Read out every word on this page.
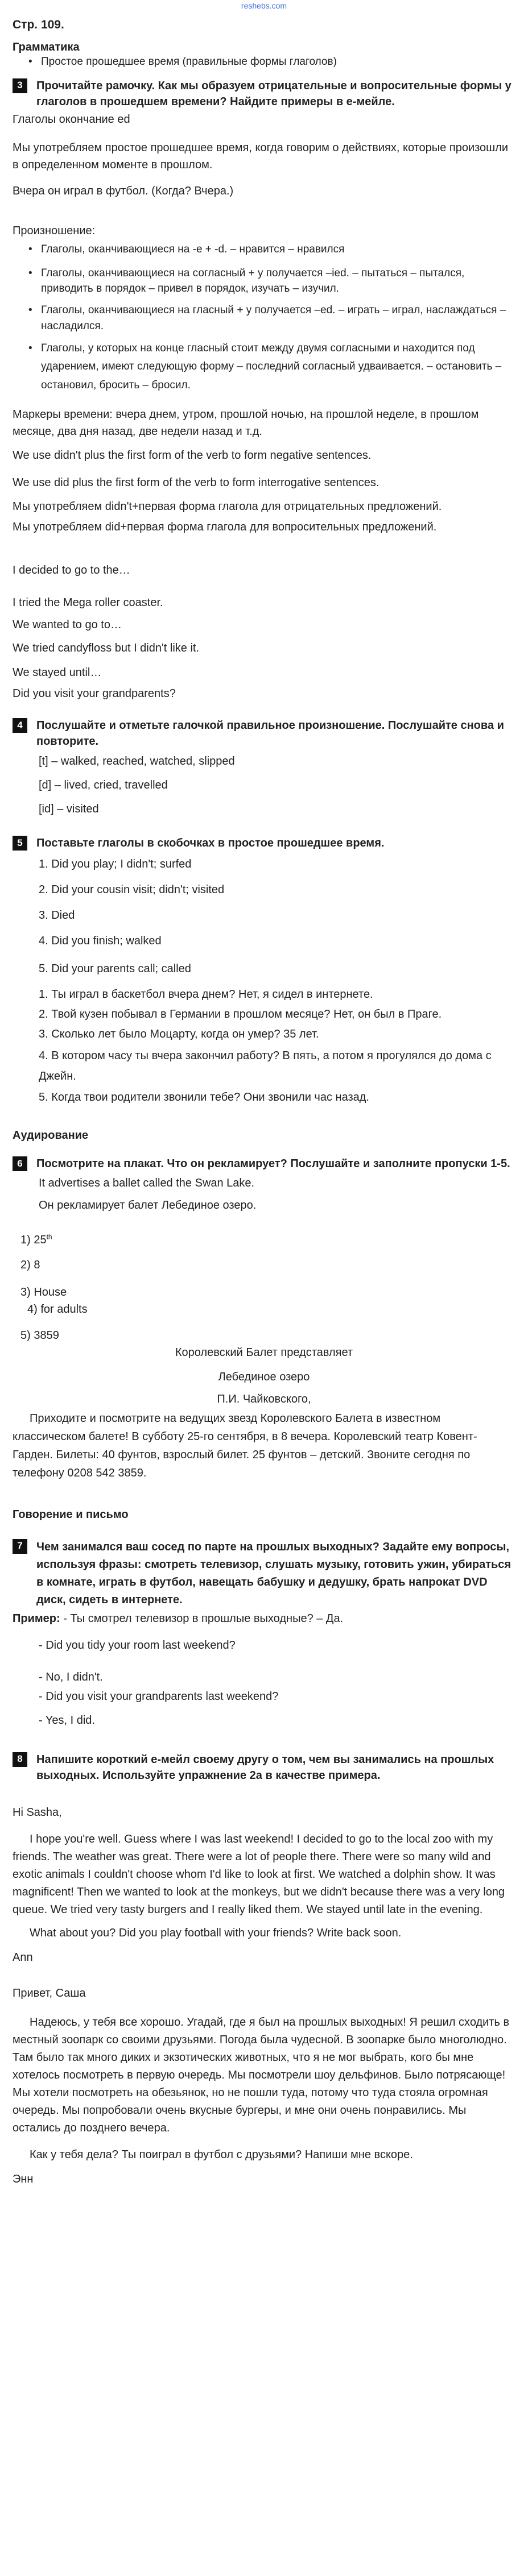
reshebs.com
Стр. 109.
Грамматика
• Простое прошедшее время (правильные формы глаголов)
3	Прочитайте рамочку. Как мы образуем отрицательные и вопросительные формы у глаголов в прошедшем времени? Найдите примеры в е-мейле.
Глаголы окончание ed
Мы употребляем простое прошедшее время, когда говорим о действиях, которые произошли в определенном моменте в прошлом.
Вчера он играл в футбол. (Когда? Вчера.)
Произношение:
• Глаголы, оканчивающиеся на -е + -d. – нравится – нравился
• Глаголы, оканчивающиеся на согласный + у получается –ied. – пытаться – пытался, приводить в порядок – привел в порядок, изучать – изучил.
• Глаголы, оканчивающиеся на гласный + у получается –ed. – играть – играл, наслаждаться – насладился.
• Глаголы, у которых на конце гласный стоит между двумя согласными и находится под ударением, имеют следующую форму – последний согласный удваивается. – остановить – остановил, бросить – бросил.
Маркеры времени: вчера днем, утром, прошлой ночью, на прошлой неделе, в прошлом месяце, два дня назад, две недели назад и т.д.
We use didn't plus the first form of the verb to form negative sentences.
We use did plus the first form of the verb to form interrogative sentences.
Мы употребляем didn't+первая форма глагола для отрицательных предложений.
Мы употребляем did+первая форма глагола для вопросительных предложений.
I decided to go to the…
I tried the Mega roller coaster.
We wanted to go to…
We tried candyfloss but I didn't like it.
We stayed until…
Did you visit your grandparents?
4	Послушайте и отметьте галочкой правильное произношение. Послушайте снова и повторите.
[t] – walked, reached, watched, slipped
[d] – lived, cried, travelled
[id] – visited
5	Поставьте глаголы в скобочках в простое прошедшее время.
1. Did you play; I didn't; surfed
2. Did your cousin visit; didn't; visited
3. Died
4. Did you finish; walked
5. Did your parents call; called
1. Ты играл в баскетбол вчера днем? Нет, я сидел в интернете.
2. Твой кузен побывал в Германии в прошлом месяце? Нет, он был в Праге.
3. Сколько лет было Моцарту, когда он умер? 35 лет.
4. В котором часу ты вчера закончил работу? В пять, а потом я прогулялся до дома с Джейн.
5. Когда твои родители звонили тебе? Они звонили час назад.
Аудирование
6	Посмотрите на плакат. Что он рекламирует? Послушайте и заполните пропуски 1-5.
It advertises a ballet called the Swan Lake.
Он рекламирует балет Лебединое озеро.
1) 25th
2) 8
3) House
4) for adults
5) 3859
Королевский Балет представляет
Лебединое озеро
П.И. Чайковского,
Приходите и посмотрите на ведущих звезд Королевского Балета в известном классическом балете! В субботу 25-го сентября, в 8 вечера. Королевский театр Ковент-Гарден. Билеты: 40 фунтов, взрослый билет. 25 фунтов – детский. Звоните сегодня по телефону 0208 542 3859.
Говорение и письмо
7	Чем занимался ваш сосед по парте на прошлых выходных? Задайте ему вопросы, используя фразы: смотреть телевизор, слушать музыку, готовить ужин, убираться в комнате, играть в футбол, навещать бабушку и дедушку, брать напрокат DVD диск, сидеть в интернете.
Пример: - Ты смотрел телевизор в прошлые выходные? – Да.
- Did you tidy your room last weekend?
- No, I didn't.
- Did you visit your grandparents last weekend?
- Yes, I did.
8	Напишите короткий е-мейл своему другу о том, чем вы занимались на прошлых выходных. Используйте упражнение 2а в качестве примера.
Hi Sasha,
I hope you're well. Guess where I was last weekend! I decided to go to the local zoo with my friends. The weather was great. There were a lot of people there. There were so many wild and exotic animals I couldn't choose whom I'd like to look at first. We watched a dolphin show. It was magnificent! Then we wanted to look at the monkeys, but we didn't because there was a very long queue. We tried very tasty burgers and I really liked them. We stayed until late in the evening.
What about you? Did you play football with your friends? Write back soon.
Ann
Привет, Саша
Надеюсь, у тебя все хорошо. Угадай, где я был на прошлых выходных! Я решил сходить в местный зоопарк со своими друзьями. Погода была чудесной. В зоопарке было многолюдно. Там было так много диких и экзотических животных, что я не мог выбрать, кого бы мне хотелось посмотреть в первую очередь. Мы посмотрели шоу дельфинов. Было потрясающе! Мы хотели посмотреть на обезьянок, но не пошли туда, потому что туда стояла огромная очередь. Мы попробовали очень вкусные бургеры, и мне они очень понравились. Мы остались до позднего вечера.
Как у тебя дела? Ты поиграл в футбол с друзьями? Напиши мне вскоре.
Энн
